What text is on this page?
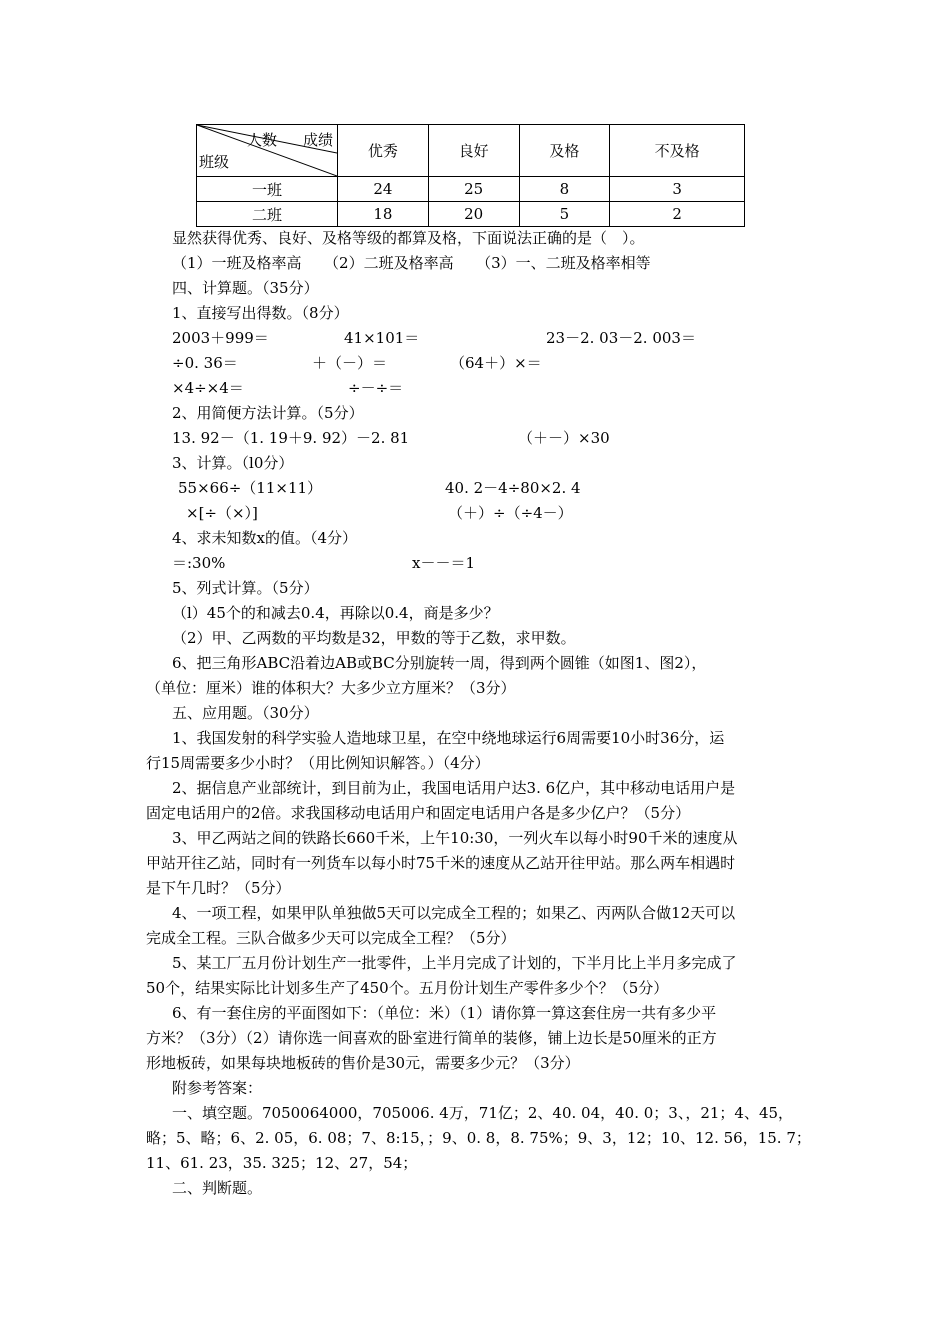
人数 成绩
班级	优秀	良好	及格	不及格
一班	24	25	8	3
二班	18	20	5	2
显然获得优秀、良好、及格等级的都算及格，下面说法正确的是（　）。
（1）一班及格率高　　（2）二班及格率高　　（3）一、二班及格率相等
四、计算题。（35分）
1、直接写出得数。（8分）
2003＋999＝	41×101＝	23－2. 03－2. 003＝
÷0. 36＝	＋（－）＝	（64＋）×＝
×4÷×4＝	÷－÷＝
2、用简便方法计算。（5分）
13. 92－（1. 19＋9. 92）－2. 81	（＋－）×30
3、计算。（l0分）
55×66÷（11×11）	40. 2－4÷80×2. 4
×[÷（×）]	（＋）÷（÷4－）
4、求未知数x的值。（4分）
＝:30%	x－－＝1
5、列式计算。（5分）
（l）45个的和减去0.4，再除以0.4，商是多少？
（2）甲、乙两数的平均数是32，甲数的等于乙数，求甲数。
6、把三角形ABC沿着边AB或BC分别旋转一周，得到两个圆锥（如图1、图2），
（单位：厘米）谁的体积大？大多少立方厘米？（3分）
五、应用题。（30分）
1、我国发射的科学实验人造地球卫星，在空中绕地球运行6周需要10小时36分，运
行15周需要多少小时？（用比例知识解答。）（4分）
2、据信息产业部统计，到目前为止，我国电话用户达3. 6亿户，其中移动电话用户是
固定电话用户的2倍。求我国移动电话用户和固定电话用户各是多少亿户？（5分）
3、甲乙两站之间的铁路长660千米，上午10:30，一列火车以每小时90千米的速度从
甲站开往乙站，同时有一列货车以每小时75千米的速度从乙站开往甲站。那么两车相遇时
是下午几时？（5分）
4、一项工程，如果甲队单独做5天可以完成全工程的；如果乙、丙两队合做12天可以
完成全工程。三队合做多少天可以完成全工程？（5分）
5、某工厂五月份计划生产一批零件，上半月完成了计划的，下半月比上半月多完成了
50个，结果实际比计划多生产了450个。五月份计划生产零件多少个？（5分）
6、有一套住房的平面图如下：（单位：米）（1）请你算一算这套住房一共有多少平
方米？（3分）（2）请你选一间喜欢的卧室进行简单的装修，铺上边长是50厘米的正方
形地板砖，如果每块地板砖的售价是30元，需要多少元？（3分）
附参考答案：
一、填空题。7050064000，705006. 4万，71亿；2、40. 04，40. 0；3、，21；4、45，
略；5、略；6、2. 05，6. 08；7、8:15，；9、0. 8，8. 75%；9、3，12；10、12. 56，15. 7；
11、61. 23，35. 325；12、27，54；
二、判断题。
